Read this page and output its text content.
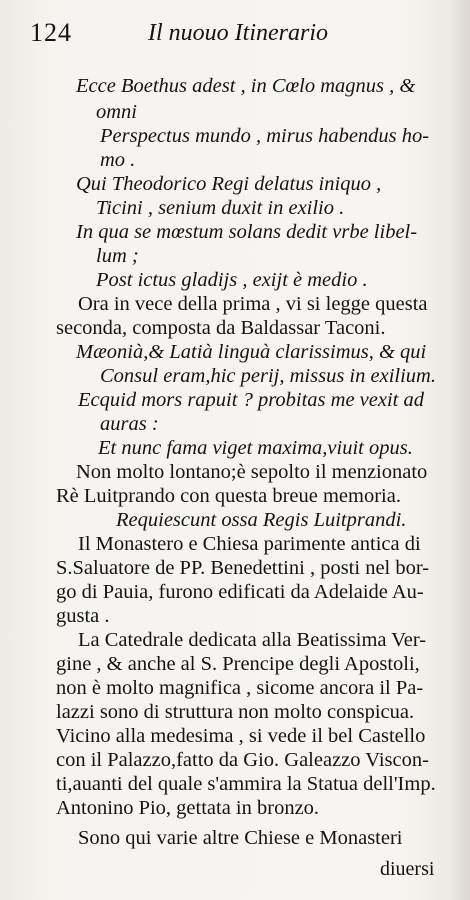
124	Il nuouo Itinerario
Ecce Boethus adest , in Cœlo magnus , &
omni
Perspectus mundo , mirus habendus ho-
mo .
Qui Theodorico Regi delatus iniquo ,
Ticini , senium duxit in exilio .
In qua se mœstum solans dedit vrbe libel-
lum ;
Post ictus gladijs , exijt è medio .
Ora in vece della prima , vi si legge questa
seconda, composta da Baldassar Taconi.
Mæonià,& Latià linguà clarissimus, & qui
Consul eram,hic perij, missus in exilium.
Ecquid mors rapuit ? probitas me vexit ad
auras :
Et nunc fama viget maxima,viuit opus.
Non molto lontano;è sepolto il menzionato
Rè Luitprando con questa breue memoria.
Requiescunt ossa Regis Luitprandi.
Il Monastero e Chiesa parimente antica di
S.Saluatore de PP. Benedettini , posti nel bor-
go di Pauia, furono edificati da Adelaide Au-
gusta .
La Catedrale dedicata alla Beatissima Ver-
gine , & anche al S. Prencipe degli Apostoli,
non è molto magnifica , sicome ancora il Pa-
lazzi sono di struttura non molto conspicua.
Vicino alla medesima , si vede il bel Castello
con il Palazzo,fatto da Gio. Galeazzo Viscon-
ti,auanti del quale s'ammira la Statua dell'Imp.
Antonino Pio, gettata in bronzo.
Sono qui varie altre Chiese e Monasteri
diuersi
